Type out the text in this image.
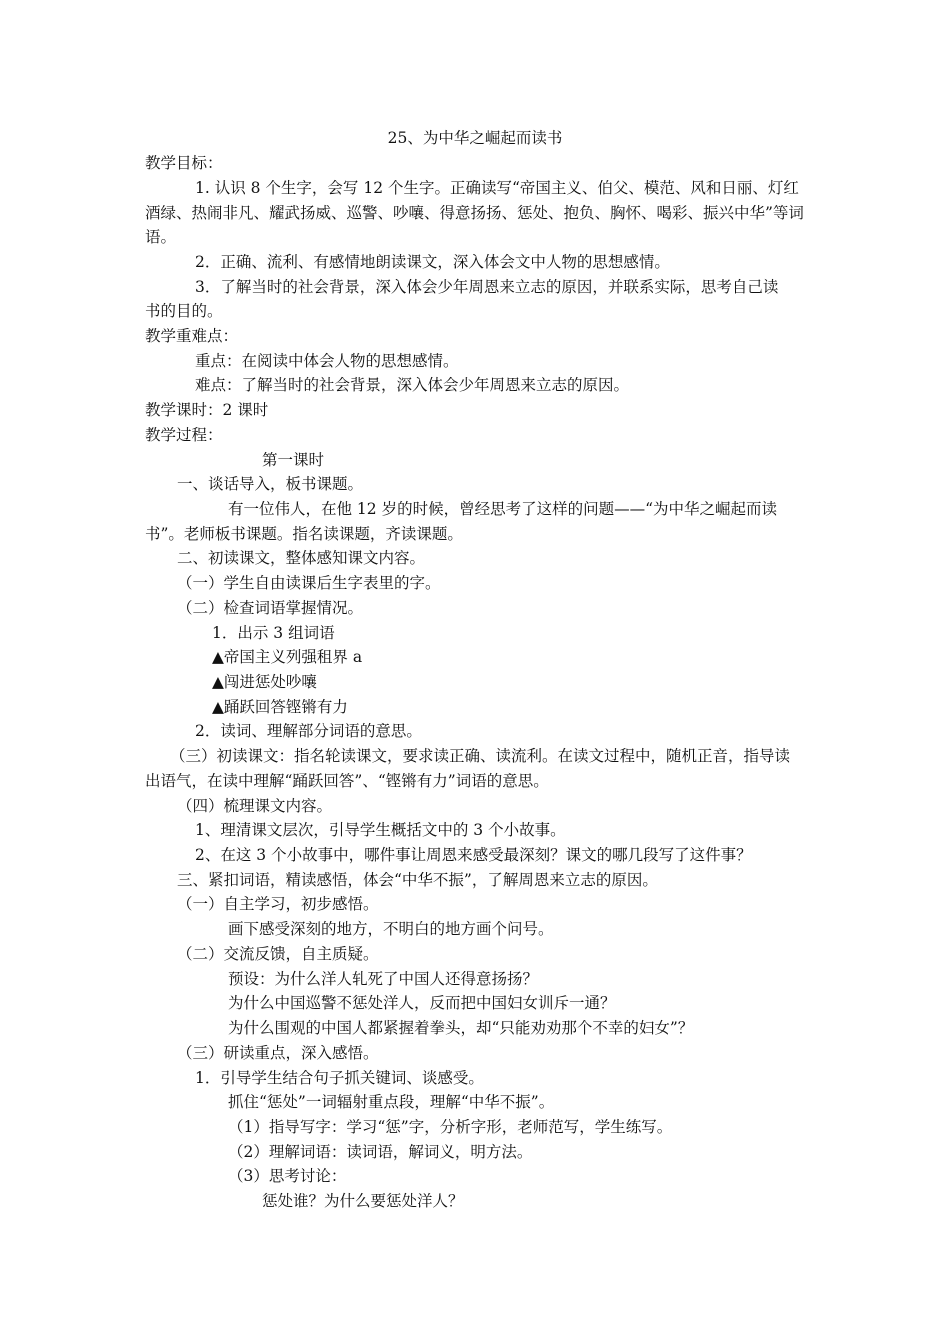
25、为中华之崛起而读书
教学目标：
1. 认识 8 个生字，会写 12 个生字。正确读写“帝国主义、伯父、模范、风和日丽、灯红
酒绿、热闹非凡、耀武扬威、巡警、吵嚷、得意扬扬、惩处、抱负、胸怀、喝彩、振兴中华”等词
语。
2．正确、流利、有感情地朗读课文，深入体会文中人物的思想感情。
3．了解当时的社会背景，深入体会少年周恩来立志的原因，并联系实际，思考自己读
书的目的。
教学重难点：
重点：在阅读中体会人物的思想感情。
难点：了解当时的社会背景，深入体会少年周恩来立志的原因。
教学课时：2 课时
教学过程：
第一课时
一、谈话导入，板书课题。
有一位伟人，在他 12 岁的时候，曾经思考了这样的问题——“为中华之崛起而读
书”。老师板书课题。指名读课题，齐读课题。
二、初读课文，整体感知课文内容。
（一）学生自由读课后生字表里的字。
（二）检查词语掌握情况。
1．出示 3 组词语
▲帝国主义列强租界 a
▲闯进惩处吵嚷
▲踊跃回答铿锵有力
2．读词、理解部分词语的意思。
（三）初读课文：指名轮读课文，要求读正确、读流利。在读文过程中，随机正音，指导读
出语气，在读中理解“踊跃回答”、“铿锵有力”词语的意思。
（四）梳理课文内容。
1、理清课文层次，引导学生概括文中的 3 个小故事。
2、在这 3 个小故事中，哪件事让周恩来感受最深刻？课文的哪几段写了这件事？
三、紧扣词语，精读感悟，体会“中华不振”，了解周恩来立志的原因。
（一）自主学习，初步感悟。
画下感受深刻的地方，不明白的地方画个问号。
（二）交流反馈，自主质疑。
预设：为什么洋人轧死了中国人还得意扬扬？
为什么中国巡警不惩处洋人，反而把中国妇女训斥一通？
为什么围观的中国人都紧握着拳头，却“只能劝劝那个不幸的妇女”？
（三）研读重点，深入感悟。
1．引导学生结合句子抓关键词、谈感受。
抓住“惩处”一词辐射重点段，理解“中华不振”。
（1）指导写字：学习“惩”字，分析字形，老师范写，学生练写。
（2）理解词语：读词语，解词义，明方法。
（3）思考讨论：
惩处谁？为什么要惩处洋人？
